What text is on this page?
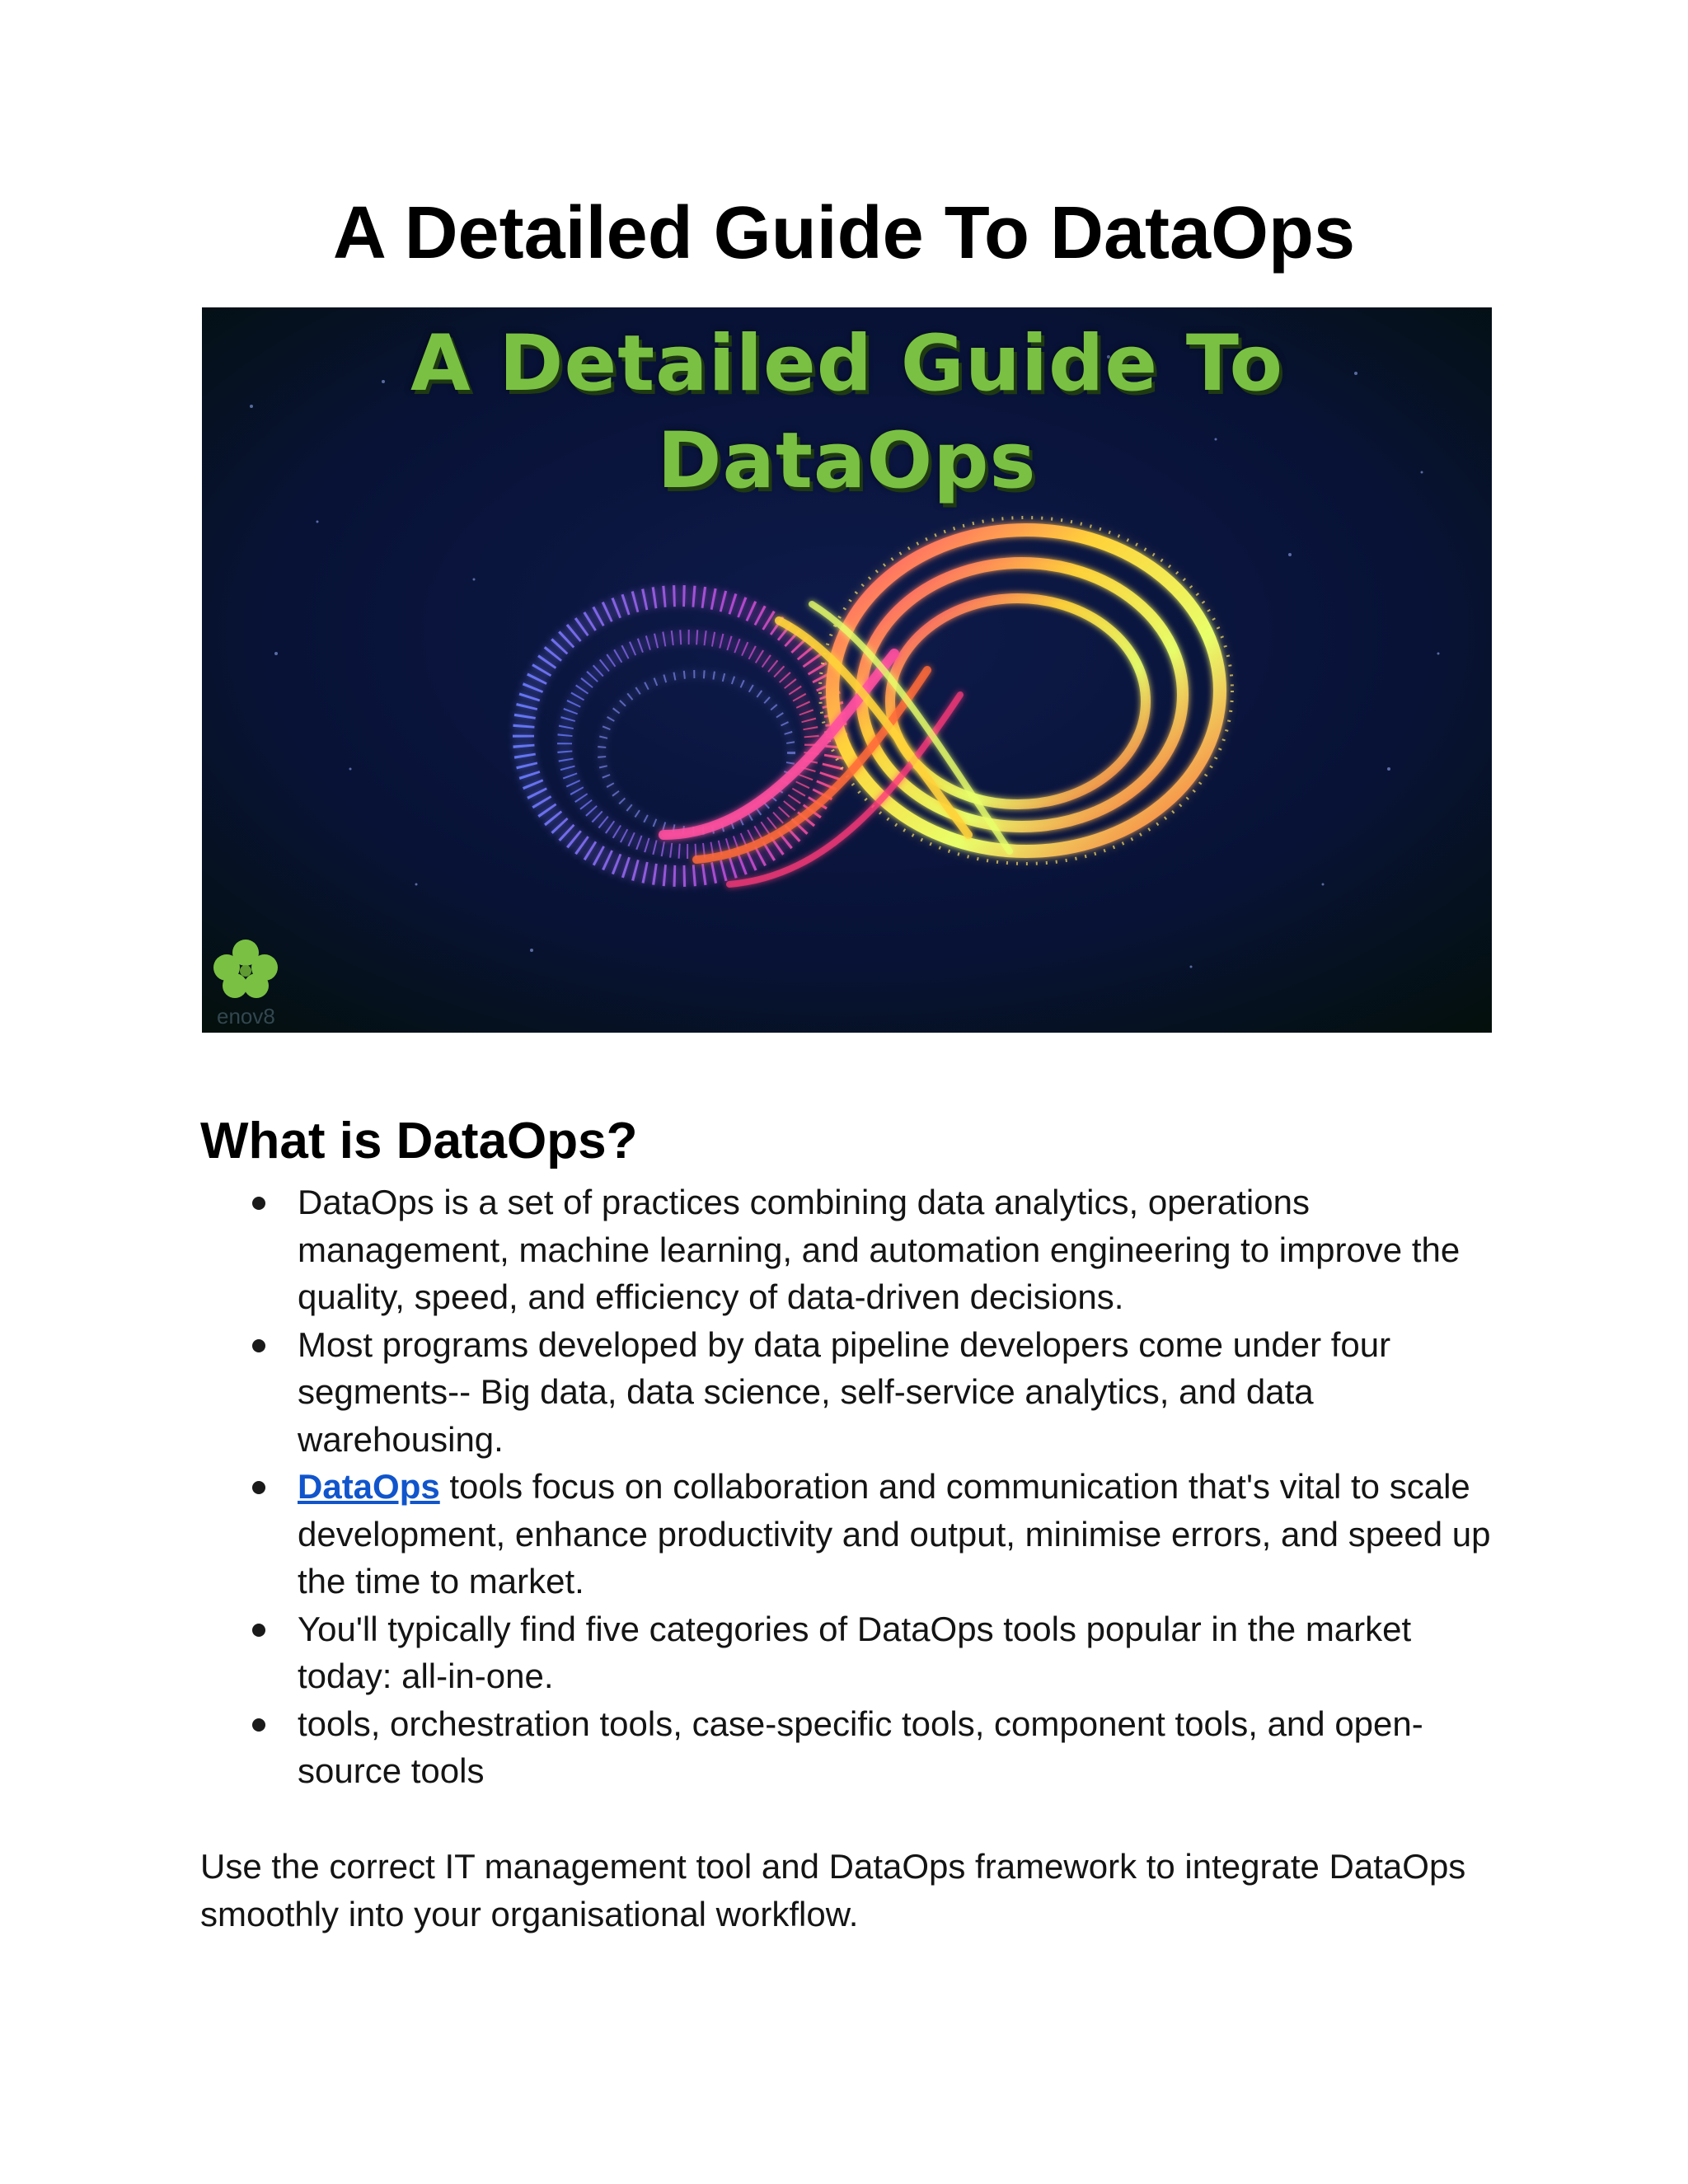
A Detailed Guide To DataOps
A Detailed Guide To
DataOps
enov8
What is DataOps?
DataOps is a set of practices combining data analytics, operations management, machine learning, and automation engineering to improve the quality, speed, and efficiency of data-driven decisions.
Most programs developed by data pipeline developers come under four segments-- Big data, data science, self-service analytics, and data warehousing.
DataOps tools focus on collaboration and communication that's vital to scale development, enhance productivity and output, minimise errors, and speed up the time to market.
You'll typically find five categories of DataOps tools popular in the market today: all-in-one.
tools, orchestration tools, case-specific tools, component tools, and open-source tools

Use the correct IT management tool and DataOps framework to integrate DataOps smoothly into your organisational workflow.
